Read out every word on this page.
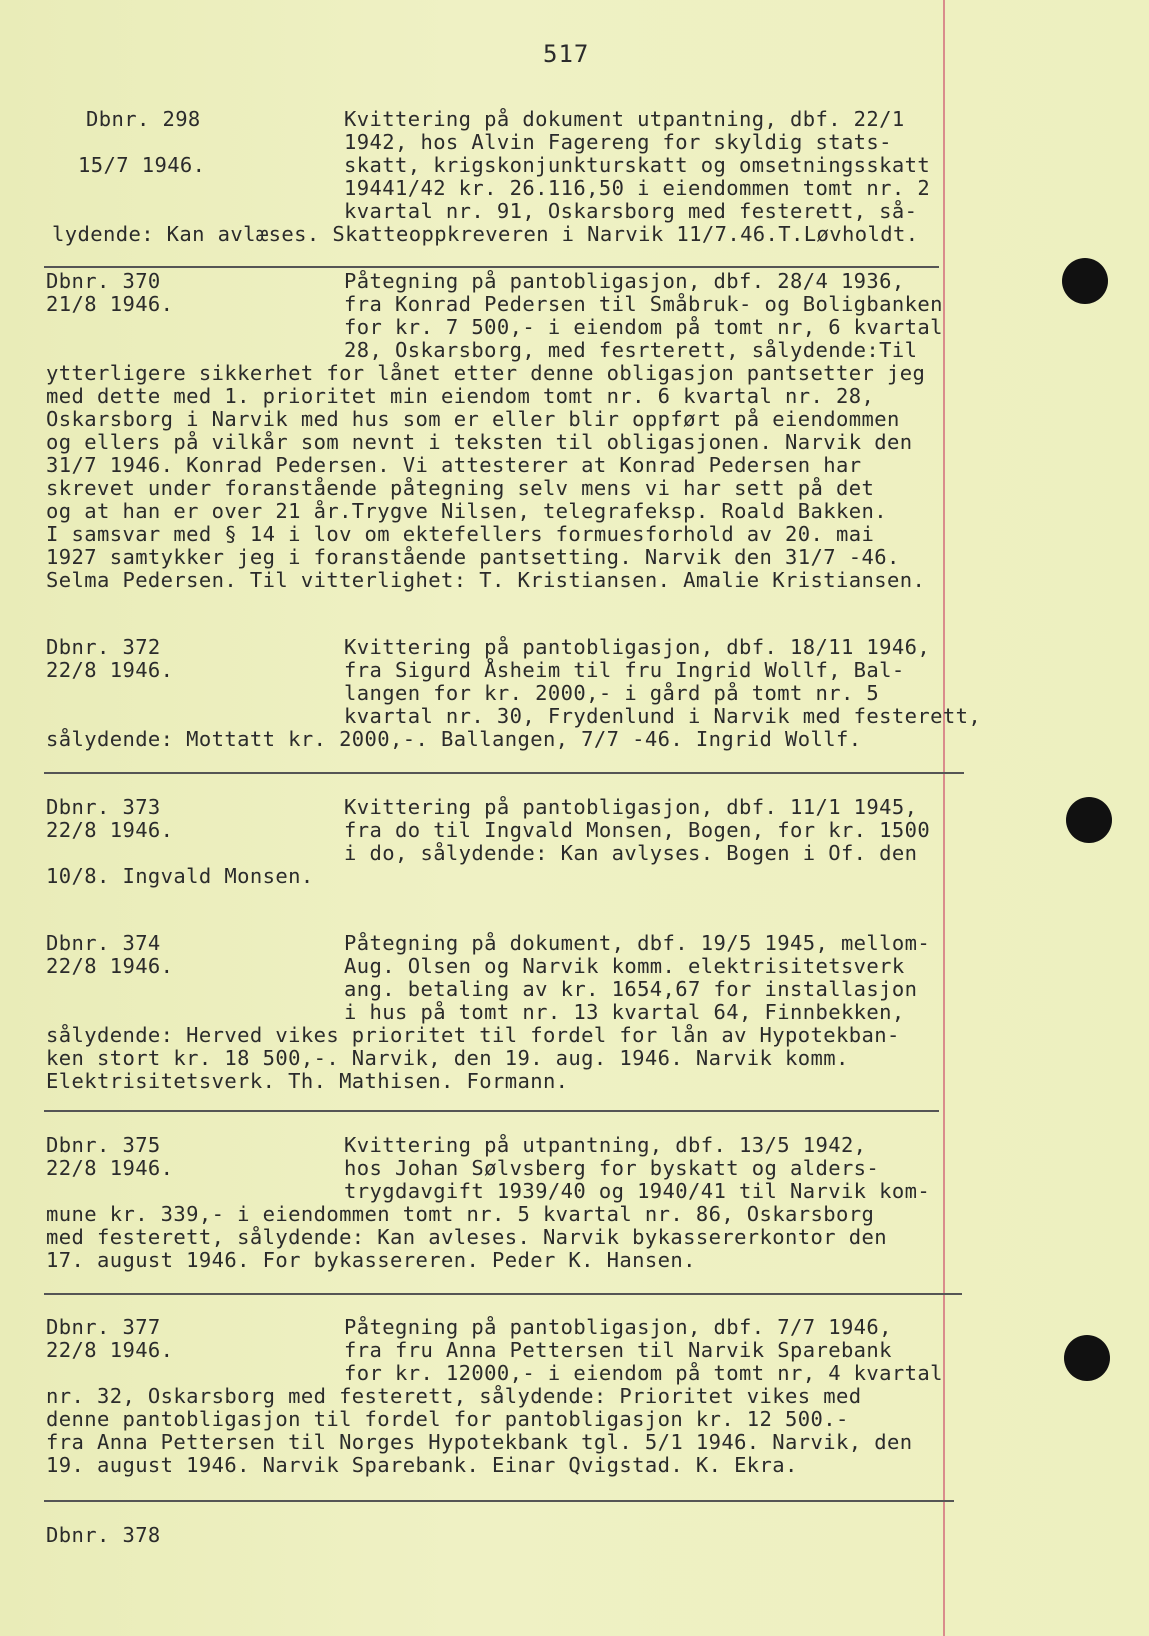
517
Dbnr. 298
15/7 1946.
Kvittering på dokument utpantning, dbf. 22/1
1942, hos Alvin Fagereng for skyldig stats-
skatt, krigskonjunkturskatt og omsetningsskatt
19441/42 kr. 26.116,50 i eiendommen tomt nr. 2
kvartal nr. 91, Oskarsborg med festerett, så-
lydende: Kan avlæses. Skatteoppkreveren i Narvik 11/7.46.T.Løvholdt.
Dbnr. 370
21/8 1946.
Påtegning på pantobligasjon, dbf. 28/4 1936,
fra Konrad Pedersen til Småbruk- og Boligbanken
for kr. 7 500,- i eiendom på tomt nr, 6 kvartal
28, Oskarsborg, med fesrterett, sålydende:Til
ytterligere sikkerhet for lånet etter denne obligasjon pantsetter jeg
med dette med 1. prioritet min eiendom tomt nr. 6 kvartal nr. 28,
Oskarsborg i Narvik med hus som er eller blir oppført på eiendommen
og ellers på vilkår som nevnt i teksten til obligasjonen. Narvik den
31/7 1946. Konrad Pedersen. Vi attesterer at Konrad Pedersen har
skrevet under foranstående påtegning selv mens vi har sett på det
og at han er over 21 år.Trygve Nilsen, telegrafeksp. Roald Bakken.
I samsvar med § 14 i lov om ektefellers formuesforhold av 20. mai
1927 samtykker jeg i foranstående pantsetting. Narvik den 31/7 -46.
Selma Pedersen. Til vitterlighet: T. Kristiansen. Amalie Kristiansen.
Dbnr. 372
22/8 1946.
Kvittering på pantobligasjon, dbf. 18/11 1946,
fra Sigurd Åsheim til fru Ingrid Wollf, Bal-
langen for kr. 2000,- i gård på tomt nr. 5
kvartal nr. 30, Frydenlund i Narvik med festerett,
sålydende: Mottatt kr. 2000,-. Ballangen, 7/7 -46. Ingrid Wollf.
Dbnr. 373
22/8 1946.
Kvittering på pantobligasjon, dbf. 11/1 1945,
fra do til Ingvald Monsen, Bogen, for kr. 1500
i do, sålydende: Kan avlyses. Bogen i Of. den
10/8. Ingvald Monsen.
Dbnr. 374
22/8 1946.
Påtegning på dokument, dbf. 19/5 1945, mellom-
Aug. Olsen og Narvik komm. elektrisitetsverk
ang. betaling av kr. 1654,67 for installasjon
i hus på tomt nr. 13 kvartal 64, Finnbekken,
sålydende: Herved vikes prioritet til fordel for lån av Hypotekban-
ken stort kr. 18 500,-. Narvik, den 19. aug. 1946. Narvik komm.
Elektrisitetsverk. Th. Mathisen. Formann.
Dbnr. 375
22/8 1946.
Kvittering på utpantning, dbf. 13/5 1942,
hos Johan Sølvsberg for byskatt og alders-
trygdavgift 1939/40 og 1940/41 til Narvik kom-
mune kr. 339,- i eiendommen tomt nr. 5 kvartal nr. 86, Oskarsborg
med festerett, sålydende: Kan avleses. Narvik bykassererkontor den
17. august 1946. For bykassereren. Peder K. Hansen.
Dbnr. 377
22/8 1946.
Påtegning på pantobligasjon, dbf. 7/7 1946,
fra fru Anna Pettersen til Narvik Sparebank
for kr. 12000,- i eiendom på tomt nr, 4 kvartal
nr. 32, Oskarsborg med festerett, sålydende: Prioritet vikes med
denne pantobligasjon til fordel for pantobligasjon kr. 12 500.-
fra Anna Pettersen til Norges Hypotekbank tgl. 5/1 1946. Narvik, den
19. august 1946. Narvik Sparebank. Einar Qvigstad. K. Ekra.
Dbnr. 378
